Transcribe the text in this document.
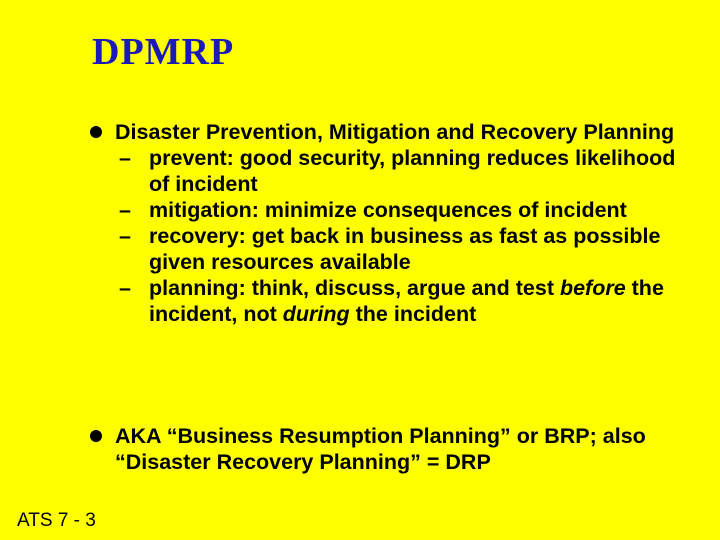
DPMRP
Disaster Prevention, Mitigation and Recovery Planning
– prevent: good security, planning reduces likelihood of incident
– mitigation: minimize consequences of incident
– recovery: get back in business as fast as possible given resources available
– planning: think, discuss, argue and test before the incident, not during the incident
AKA “Business Resumption Planning” or BRP; also “Disaster Recovery Planning” = DRP
ATS 7 - 3
